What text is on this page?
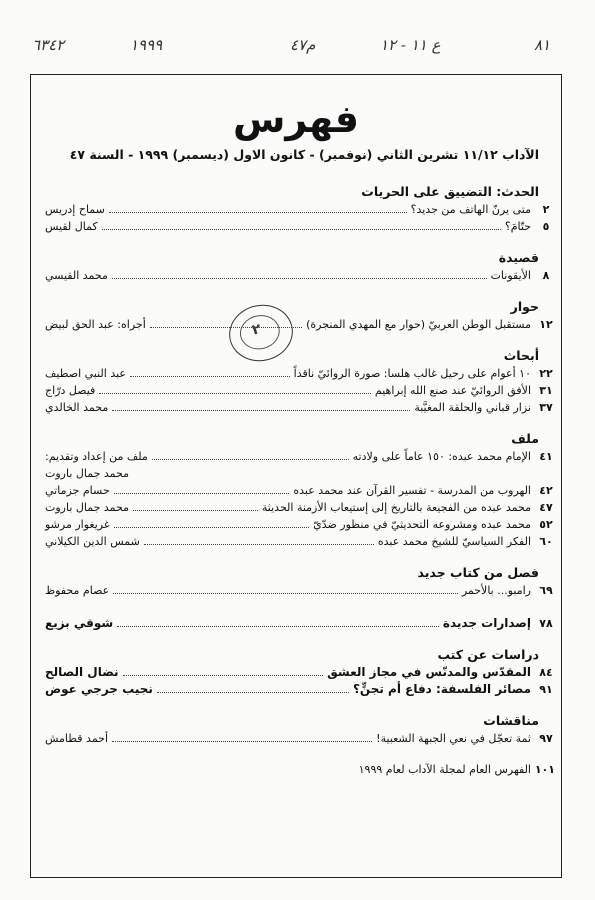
٦٣٤٢	١٩٩٩	م٤٧	ع ١١ - ١٢	٨١
فهرس
الآداب ١١/١٢ تشرين الثاني (نوفمبر) - كانون الاول (ديسمبر) ١٩٩٩ - السنة ٤٧
٢
الحدث: التضييق على الحريات
٢
متى يرنّ الهاتف من جديد؟
سماح إدريس
٥
حتّامَ؟
كمال لقيس
قصيدة
٨
الأيقونات
محمد القيسي
حوار
١٢
مستقبل الوطن العربيّ (حوار مع المهدي المنجرة)
أجراه: عبد الحق لبيض
أبحاث
٢٢
١٠ أعوام على رحيل غالب هلسا: صورة الروائيّ ناقداً
عبد النبي اصطيف
٣١
الأفق الروائيّ عند صنع الله إبراهيم
فيصل درّاج
٣٧
نزار قباني والحلقة المغيَّبة
محمد الخالدي
ملف
٤١
الإمام محمد عبده: ١٥٠ عاماً على ولادته
ملف من إعداد وتقديم:
محمد جمال باروت
٤٢
الهروب من المدرسة - تفسير القرآن عند محمد عبده
حسام جزماتي
٤٧
محمد عبده من الفجيعة بالتاريخ إلى إستيعاب الأزمنة الحديثة
محمد جمال باروت
٥٢
محمد عبده ومشروعه التحديثيّ في منظور ضدّيّ
غريغوار مرشو
٦٠
الفكر السياسيّ للشيخ محمد عبده
شمس الدين الكيلاني
فصل من كتاب جديد
٦٩
رامبو... بالأحمر
عصام محفوظ
٧٨
إصدارات جديدة
شوقي بزيع
دراسات عن كتب
٨٤
المقدّس والمدنّس في مجاز العشق
نضال الصالح
٩١
مصائر الفلسفة: دفاع أم تجنٍّ؟
نجيب جرجي عوض
مناقشات
٩٧
ثمة تعجّل في نعي الجبهة الشعبية!
أحمد قطامش
١٠١
الفهرس العام لمجلة الآداب لعام ١٩٩٩
